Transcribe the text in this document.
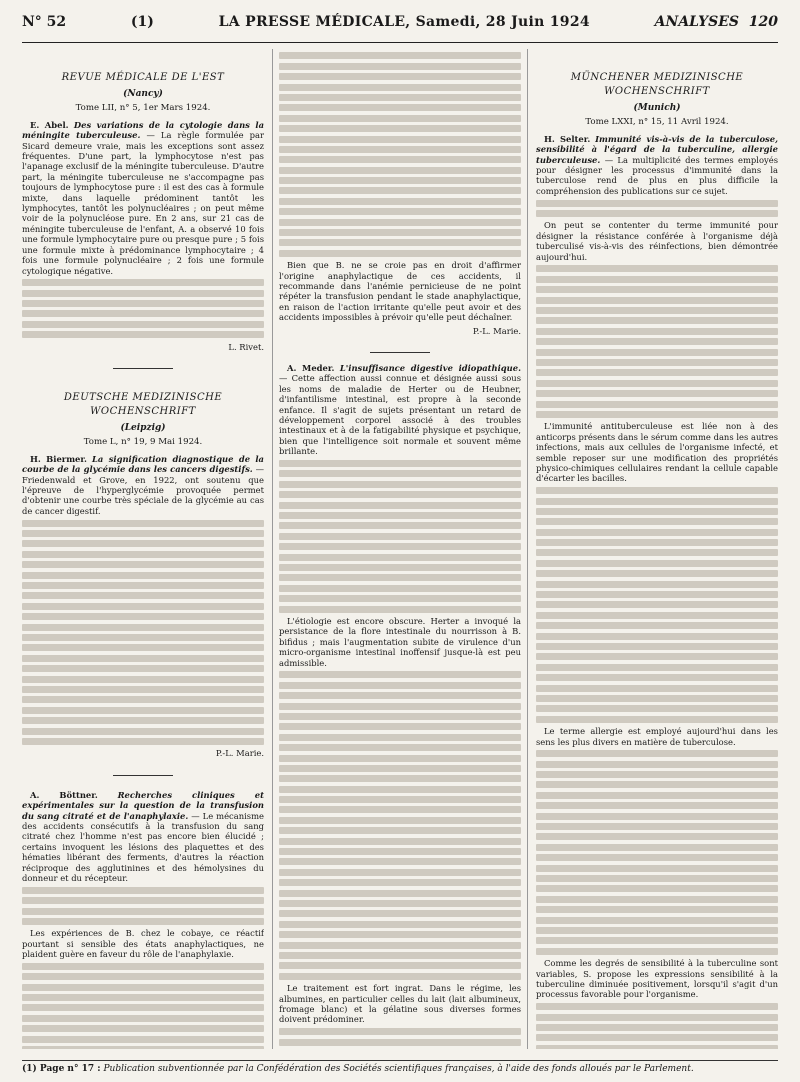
N° 52	(1)	LA PRESSE MÉDICALE, Samedi, 28 Juin 1924	ANALYSES 120
REVUE MÉDICALE DE L'EST
(Nancy)
Tome LII, n° 5, 1er Mars 1924.

E. Abel. Des variations de la cytologie dans la méningite tuberculeuse. — La règle formulée par Sicard demeure vraie, mais les exceptions sont assez fréquentes. D'une part, la lymphocytose n'est pas l'apanage exclusif de la méningite tuberculeuse. D'autre part, la méningite tuberculeuse ne s'accompagne pas toujours de lymphocytose pure : il est des cas à formule mixte, dans laquelle prédominent tantôt les lymphocytes, tantôt les polynucléaires ; on peut même voir de la polynucléose pure. En 2 ans, sur 21 cas de méningite tuberculeuse de l'enfant, A. a observé 10 fois une formule lymphocytaire pure ou presque pure ; 5 fois une formule mixte à prédominance lymphocytaire ; 4 fois une formule polynucléaire ; 2 fois une formule cytologique négative.

L. Rivet.
DEUTSCHE MEDIZINISCHE WOCHENSCHRIFT
(Leipzig)
Tome L, n° 19, 9 Mai 1924.

H. Biermer. La signification diagnostique de la courbe de la glycémie dans les cancers digestifs. — Friedenwald et Grove, en 1922, ont soutenu que l'épreuve de l'hyperglycémie provoquée permet d'obtenir une courbe très spéciale de la glycémie au cas de cancer digestif.

P.-L. Marie.

A. Böttner. Recherches cliniques et expérimentales sur la question de la transfusion du sang citraté et de l'anaphylaxie. — Le mécanisme des accidents consécutifs à la transfusion du sang citraté chez l'homme n'est pas encore bien élucidé ; certains invoquent les lésions des plaquettes et des hématies libérant des ferments, d'autres la réaction réciproque des agglutinines et des hémolysines du donneur et du récepteur.

Les expériences de B. chez le cobaye, ce réactif pourtant si sensible des états anaphylactiques, ne plaident guère en faveur du rôle de l'anaphylaxie.

Bien que B. ne se croie pas en droit d'affirmer l'origine anaphylactique de ces accidents, il recommande dans l'anémie pernicieuse de ne point répéter la transfusion pendant le stade anaphylactique, en raison de l'action irritante qu'elle peut avoir et des accidents impossibles à prévoir qu'elle peut déchaîner.

P.-L. Marie.

A. Meder. L'insuffisance digestive idiopathique. — Cette affection aussi connue et désignée aussi sous les noms de maladie de Herter ou de Heubner, d'infantilisme intestinal, est propre à la seconde enfance. Il s'agit de sujets présentant un retard de développement corporel associé à des troubles intestinaux et à de la fatigabilité physique et psychique, bien que l'intelligence soit normale et souvent même brillante.

L'étiologie est encore obscure. Herter a invoqué la persistance de la flore intestinale du nourrisson à B. bifidus ; mais l'augmentation subite de virulence d'un micro-organisme intestinal inoffensif jusque-là est peu admissible.

Le traitement est fort ingrat. Dans le régime, les albumines, en particulier celles du lait (lait albumineux, fromage blanc) et la gélatine sous diverses formes doivent prédominer.

MÜNCHENER MEDIZINISCHE WOCHENSCHRIFT
(Munich)
Tome LXXI, n° 15, 11 Avril 1924.

H. Selter. Immunité vis-à-vis de la tuberculose, sensibilité à l'égard de la tuberculine, allergie tuberculeuse. — La multiplicité des termes employés pour désigner les processus d'immunité dans la tuberculose rend de plus en plus difficile la compréhension des publications sur ce sujet.

On peut se contenter du terme immunité pour désigner la résistance conférée à l'organisme déjà tuberculisé vis-à-vis des réinfections, bien démontrée aujourd'hui.

L'immunité antituberculeuse est liée non à des anticorps présents dans le sérum comme dans les autres infections, mais aux cellules de l'organisme infecté, et semble reposer sur une modification des propriétés physico-chimiques cellulaires rendant la cellule capable d'écarter les bacilles.

Le terme allergie est employé aujourd'hui dans les sens les plus divers en matière de tuberculose.

Comme les degrés de sensibilité à la tuberculine sont variables, S. propose les expressions sensibilité à la tuberculine diminuée positivement, lorsqu'il s'agit d'un processus favorable pour l'organisme.

(1) Page n° 17 : Publication subventionnée par la Confédération des Sociétés scientifiques françaises, à l'aide des fonds alloués par le Parlement.
